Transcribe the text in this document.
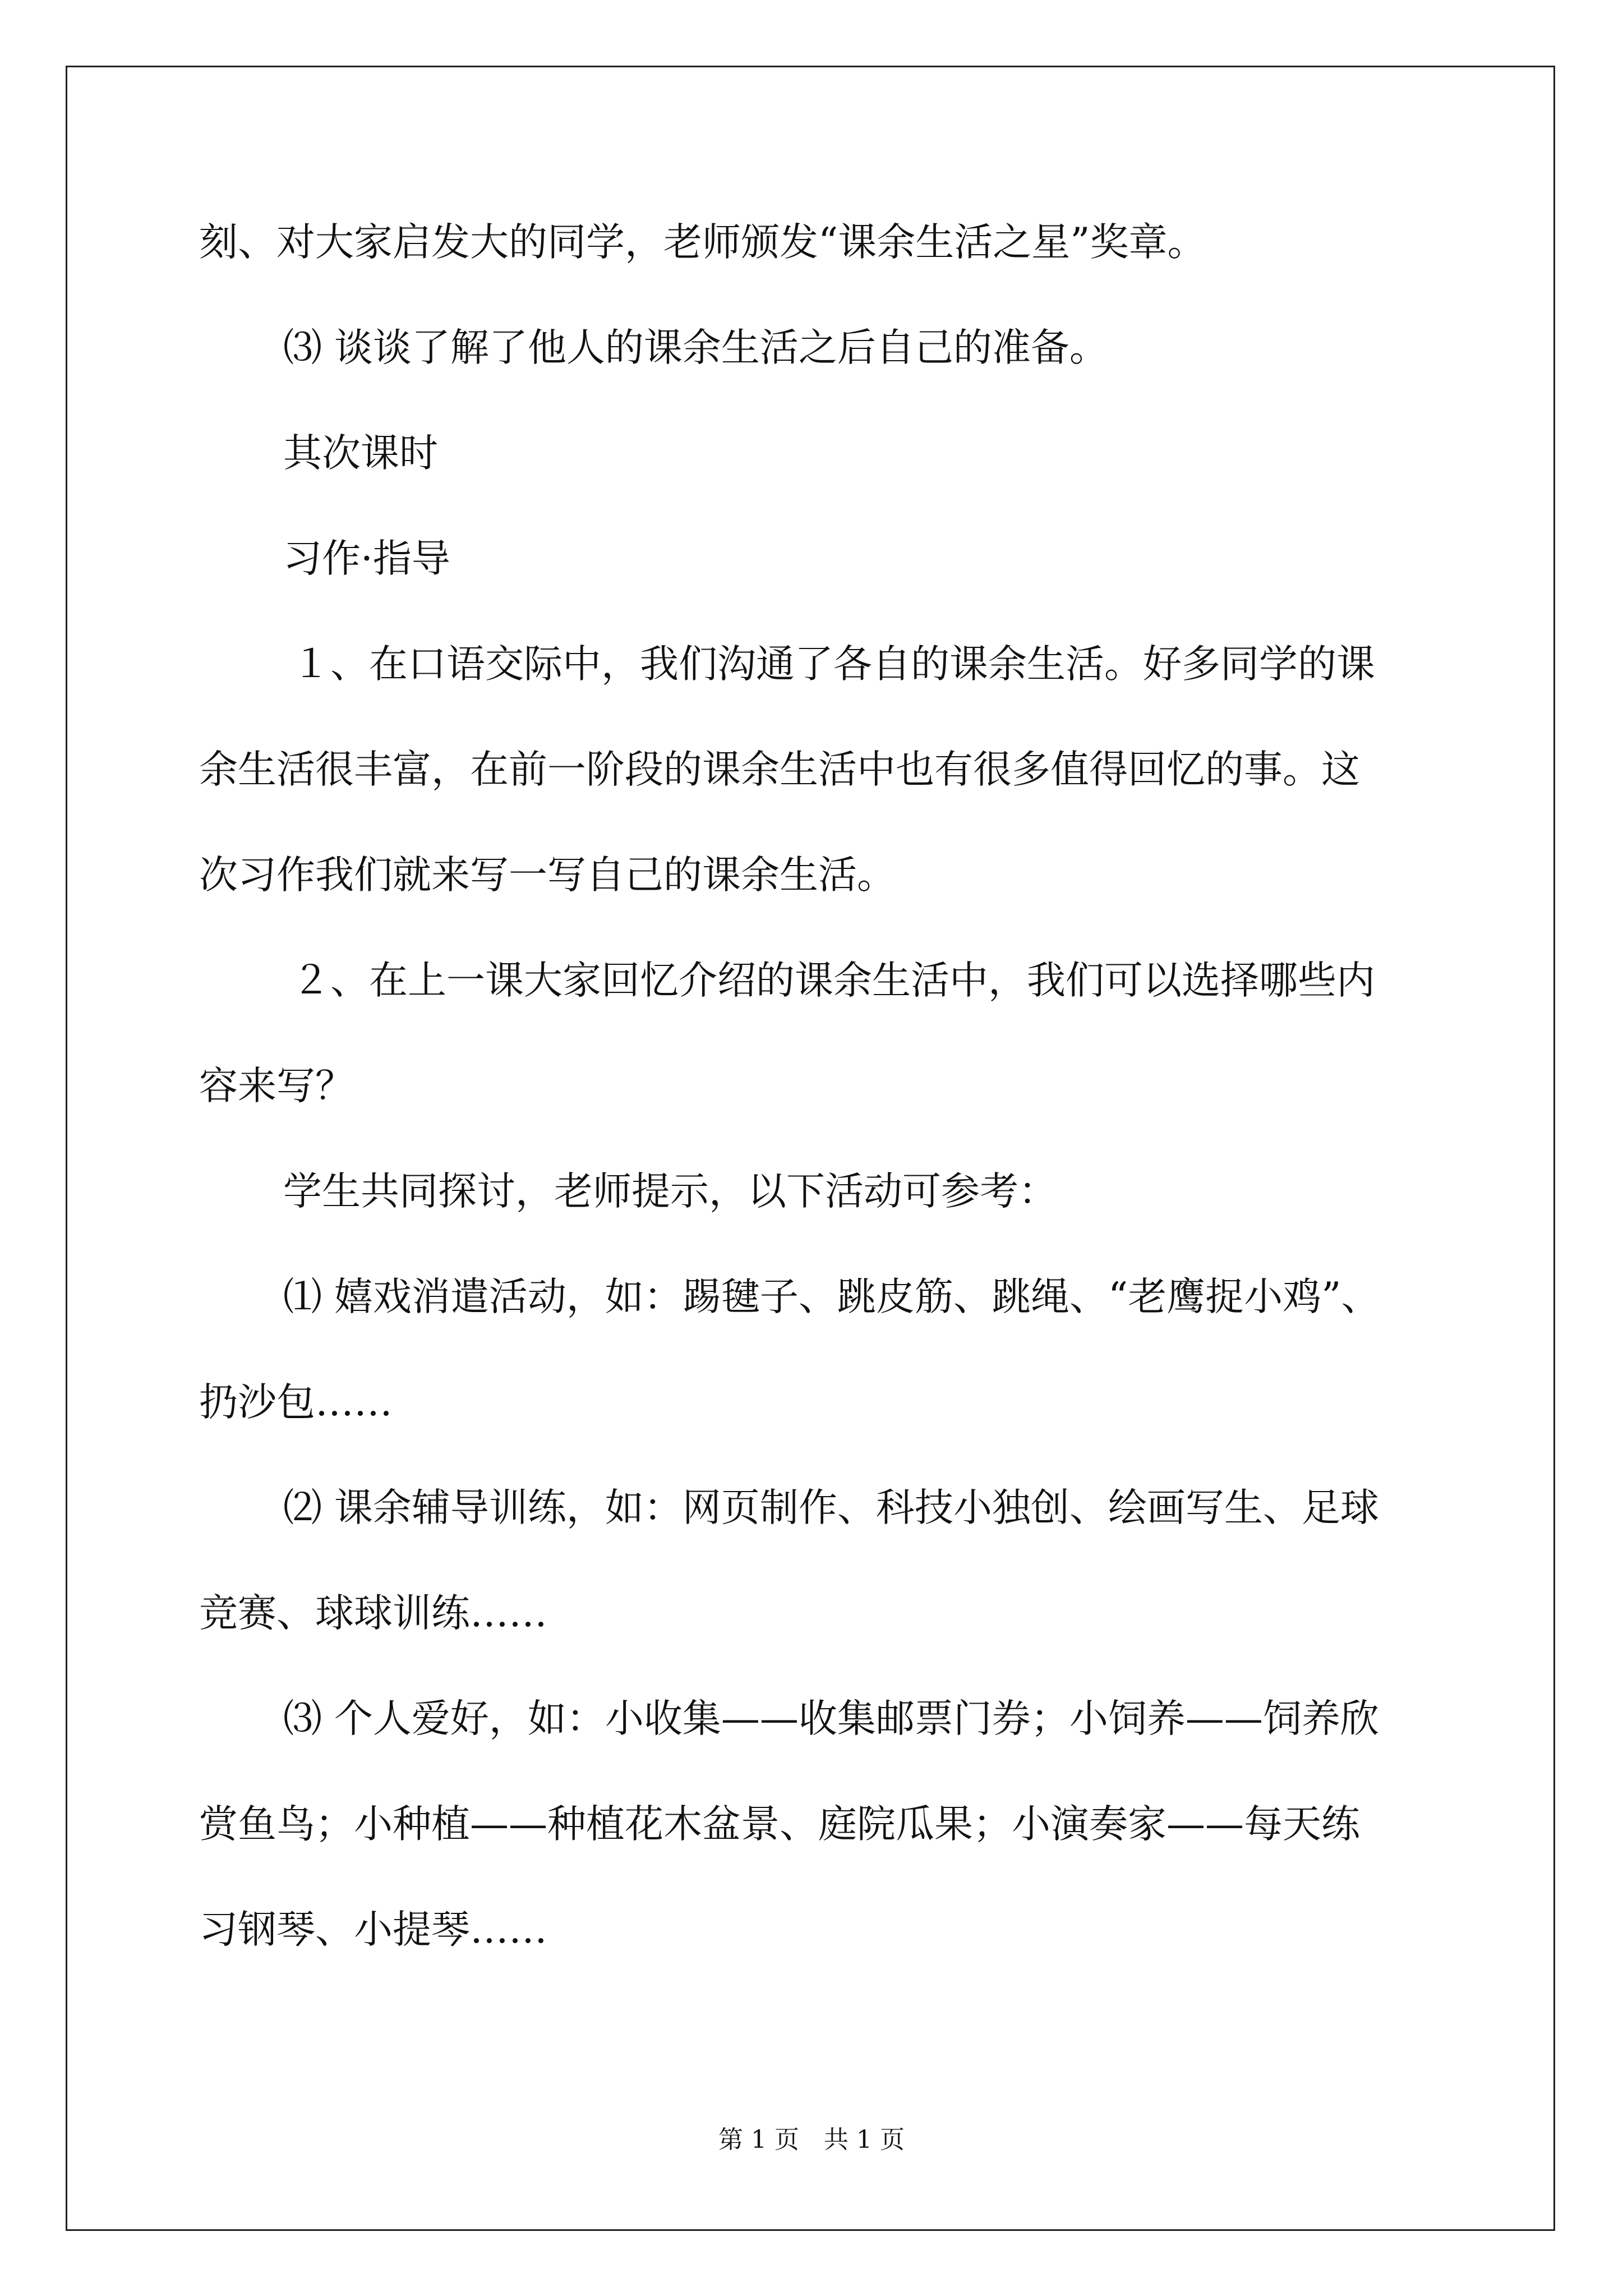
刻、对大家启发大的同学，老师颁发“课余生活之星”奖章。
⑶ 谈谈了解了他人的课余生活之后自己的准备。
其次课时
习作·指导
１、在口语交际中，我们沟通了各自的课余生活。好多同学的课
余生活很丰富，在前一阶段的课余生活中也有很多值得回忆的事。这
次习作我们就来写一写自己的课余生活。
２、在上一课大家回忆介绍的课余生活中，我们可以选择哪些内
容来写？
学生共同探讨，老师提示，以下活动可参考：
⑴ 嬉戏消遣活动，如：踢毽子、跳皮筋、跳绳、“老鹰捉小鸡”、
扔沙包……
⑵ 课余辅导训练，如：网页制作、科技小独创、绘画写生、足球
竞赛、球球训练……
⑶ 个人爱好，如：小收集——收集邮票门券；小饲养——饲养欣
赏鱼鸟；小种植——种植花木盆景、庭院瓜果；小演奏家——每天练
习钢琴、小提琴……
第 1 页　共 1 页
